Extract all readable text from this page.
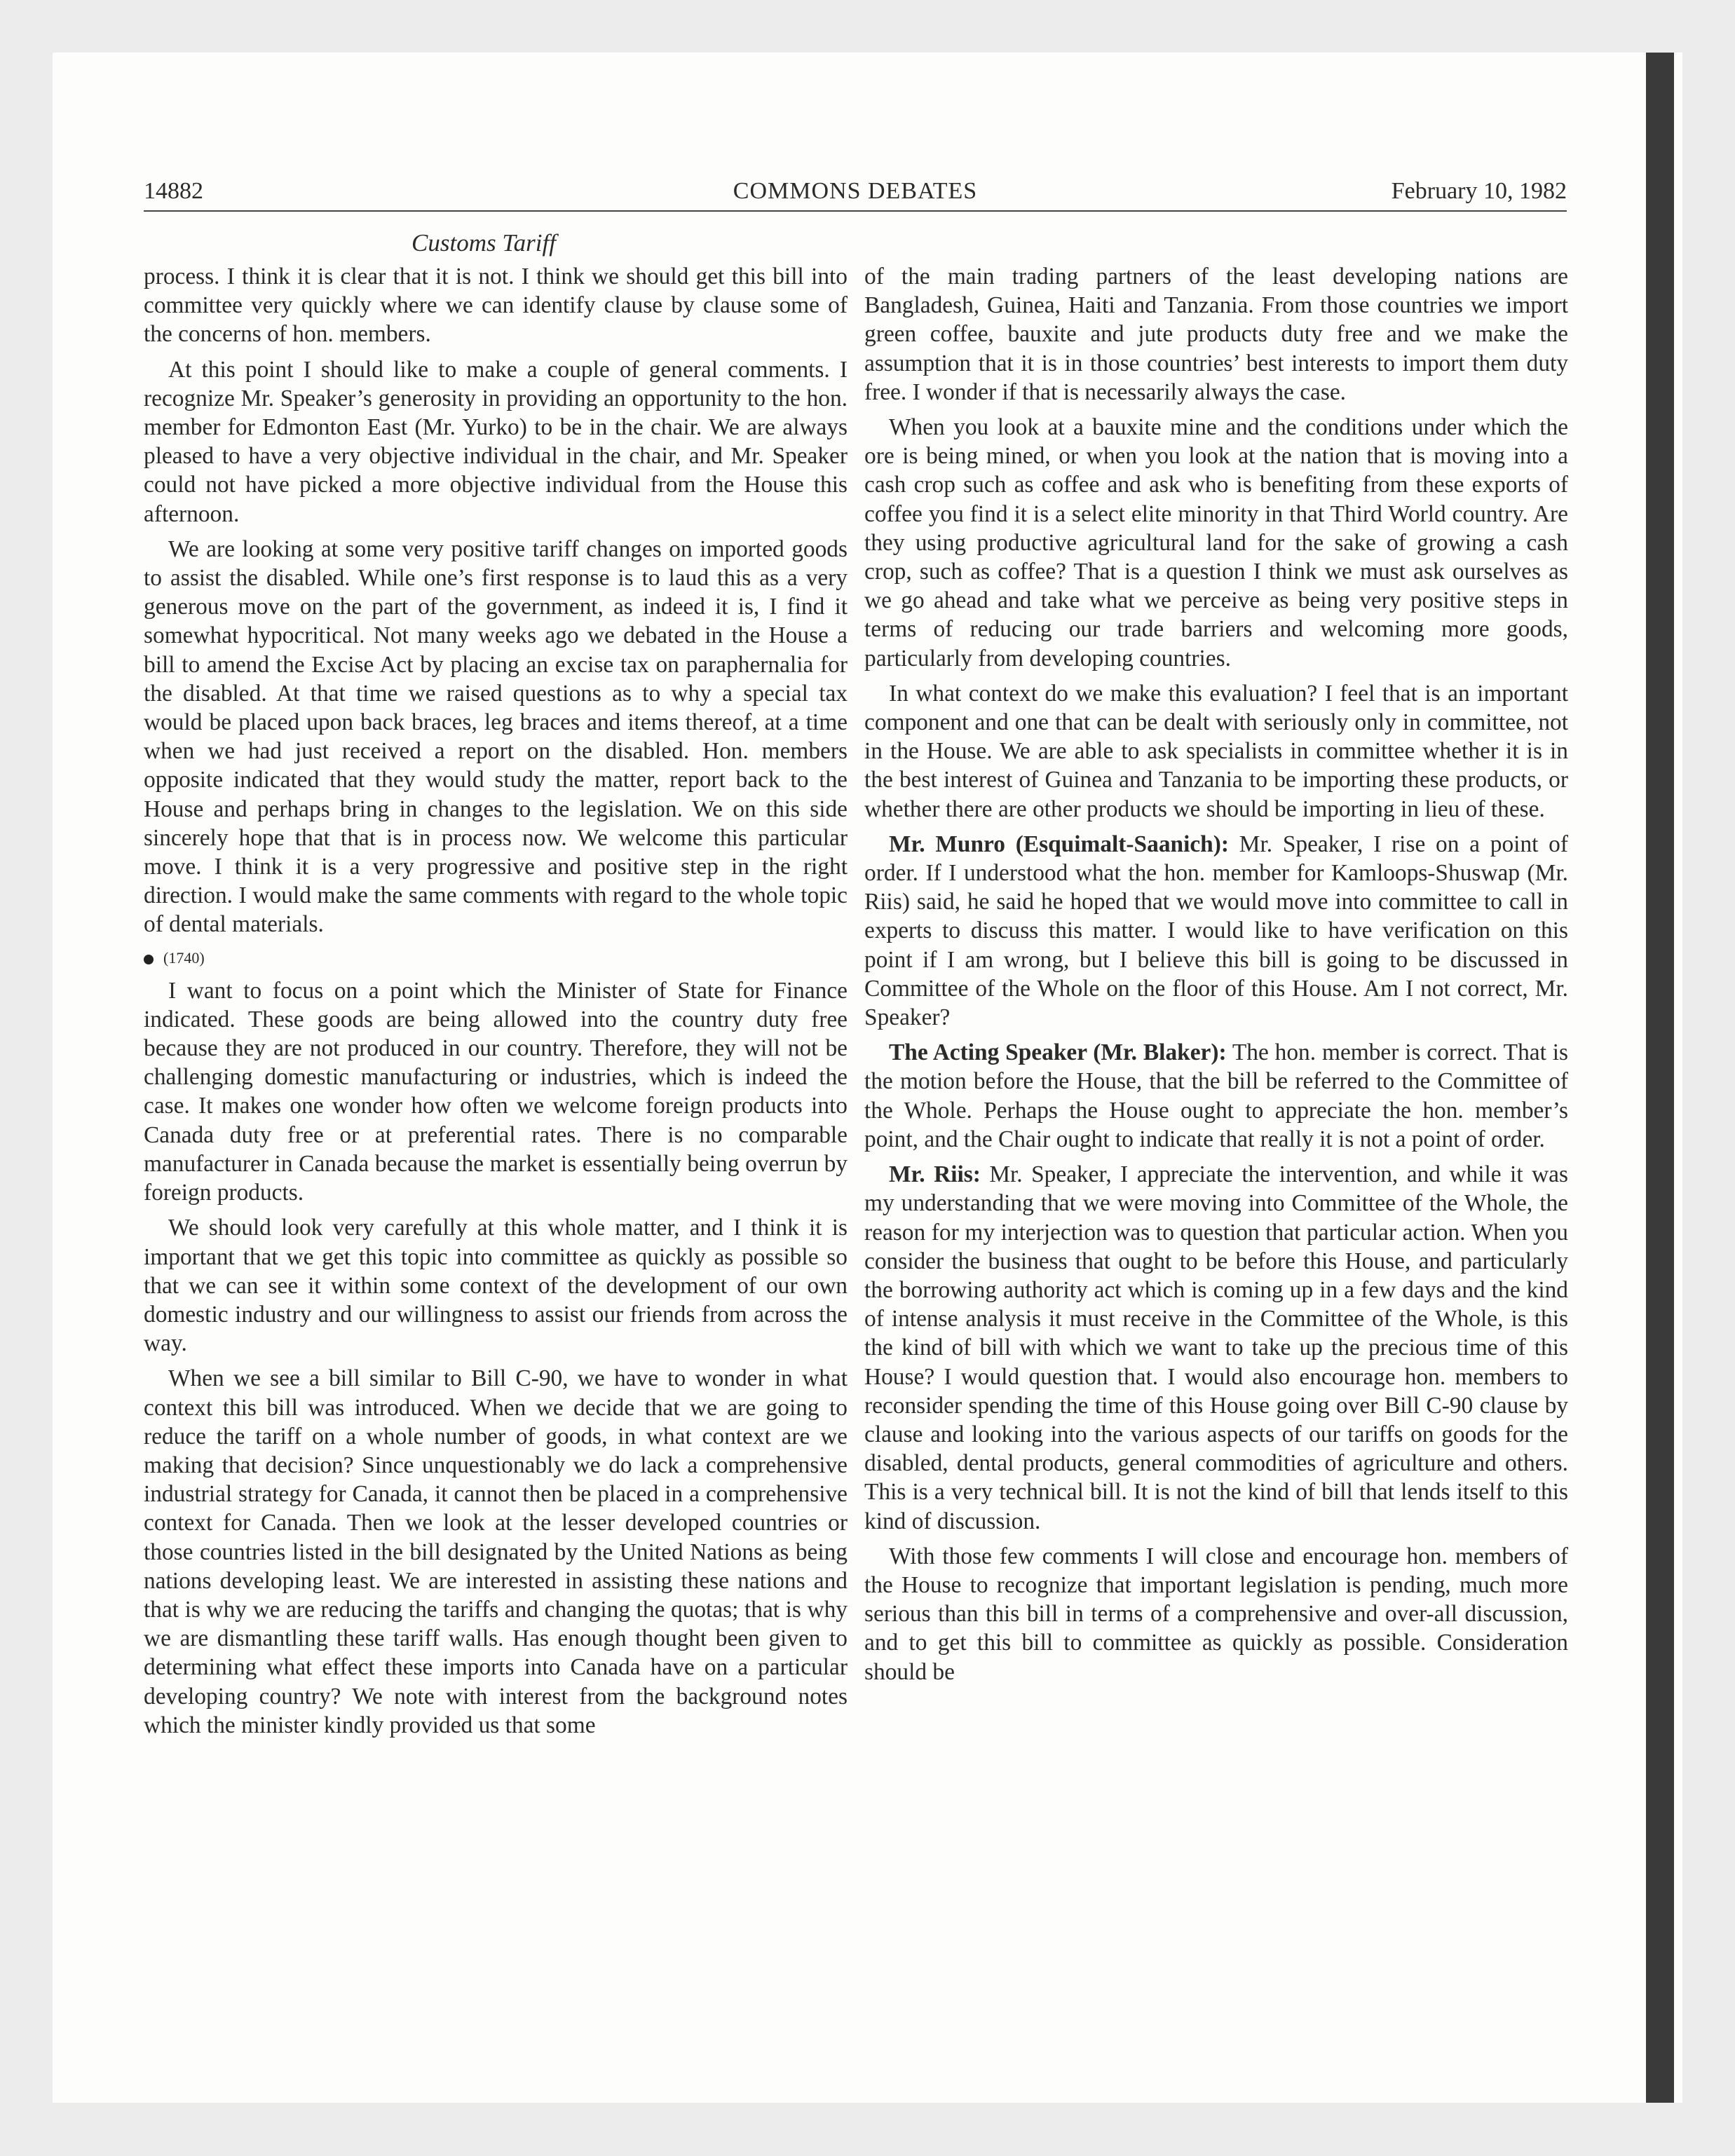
14882	COMMONS DEBATES	February 10, 1982
Customs Tariff

process. I think it is clear that it is not. I think we should get this bill into committee very quickly where we can identify clause by clause some of the concerns of hon. members.

At this point I should like to make a couple of general comments. I recognize Mr. Speaker’s generosity in providing an opportunity to the hon. member for Edmonton East (Mr. Yurko) to be in the chair. We are always pleased to have a very objective individual in the chair, and Mr. Speaker could not have picked a more objective individual from the House this afternoon.

We are looking at some very positive tariff changes on imported goods to assist the disabled. While one’s first response is to laud this as a very generous move on the part of the government, as indeed it is, I find it somewhat hypocritical. Not many weeks ago we debated in the House a bill to amend the Excise Act by placing an excise tax on paraphernalia for the disabled. At that time we raised questions as to why a special tax would be placed upon back braces, leg braces and items thereof, at a time when we had just received a report on the disabled. Hon. members opposite indicated that they would study the matter, report back to the House and perhaps bring in changes to the legislation. We on this side sincerely hope that that is in process now. We welcome this particular move. I think it is a very progressive and positive step in the right direction. I would make the same comments with regard to the whole topic of dental materials.

(1740)

I want to focus on a point which the Minister of State for Finance indicated. These goods are being allowed into the country duty free because they are not produced in our country. Therefore, they will not be challenging domestic manufacturing or industries, which is indeed the case. It makes one wonder how often we welcome foreign products into Canada duty free or at preferential rates. There is no comparable manufacturer in Canada because the market is essentially being overrun by foreign products.

We should look very carefully at this whole matter, and I think it is important that we get this topic into committee as quickly as possible so that we can see it within some context of the development of our own domestic industry and our willingness to assist our friends from across the way.

When we see a bill similar to Bill C-90, we have to wonder in what context this bill was introduced. When we decide that we are going to reduce the tariff on a whole number of goods, in what context are we making that decision? Since unquestionably we do lack a comprehensive industrial strategy for Canada, it cannot then be placed in a comprehensive context for Canada. Then we look at the lesser developed countries or those countries listed in the bill designated by the United Nations as being nations developing least. We are interested in assisting these nations and that is why we are reducing the tariffs and changing the quotas; that is why we are dismantling these tariff walls. Has enough thought been given to determining what effect these imports into Canada have on a particular developing country? We note with interest from the background notes which the minister kindly provided us that some

of the main trading partners of the least developing nations are Bangladesh, Guinea, Haiti and Tanzania. From those countries we import green coffee, bauxite and jute products duty free and we make the assumption that it is in those countries’ best interests to import them duty free. I wonder if that is necessarily always the case.

When you look at a bauxite mine and the conditions under which the ore is being mined, or when you look at the nation that is moving into a cash crop such as coffee and ask who is benefiting from these exports of coffee you find it is a select elite minority in that Third World country. Are they using productive agricultural land for the sake of growing a cash crop, such as coffee? That is a question I think we must ask ourselves as we go ahead and take what we perceive as being very positive steps in terms of reducing our trade barriers and welcoming more goods, particularly from developing countries.

In what context do we make this evaluation? I feel that is an important component and one that can be dealt with seriously only in committee, not in the House. We are able to ask specialists in committee whether it is in the best interest of Guinea and Tanzania to be importing these products, or whether there are other products we should be importing in lieu of these.

Mr. Munro (Esquimalt-Saanich): Mr. Speaker, I rise on a point of order. If I understood what the hon. member for Kamloops-Shuswap (Mr. Riis) said, he said he hoped that we would move into committee to call in experts to discuss this matter. I would like to have verification on this point if I am wrong, but I believe this bill is going to be discussed in Committee of the Whole on the floor of this House. Am I not correct, Mr. Speaker?

The Acting Speaker (Mr. Blaker): The hon. member is correct. That is the motion before the House, that the bill be referred to the Committee of the Whole. Perhaps the House ought to appreciate the hon. member’s point, and the Chair ought to indicate that really it is not a point of order.

Mr. Riis: Mr. Speaker, I appreciate the intervention, and while it was my understanding that we were moving into Committee of the Whole, the reason for my interjection was to question that particular action. When you consider the business that ought to be before this House, and particularly the borrowing authority act which is coming up in a few days and the kind of intense analysis it must receive in the Committee of the Whole, is this the kind of bill with which we want to take up the precious time of this House? I would question that. I would also encourage hon. members to reconsider spending the time of this House going over Bill C-90 clause by clause and looking into the various aspects of our tariffs on goods for the disabled, dental products, general commodities of agriculture and others. This is a very technical bill. It is not the kind of bill that lends itself to this kind of discussion.

With those few comments I will close and encourage hon. members of the House to recognize that important legislation is pending, much more serious than this bill in terms of a comprehensive and over-all discussion, and to get this bill to committee as quickly as possible. Consideration should be
